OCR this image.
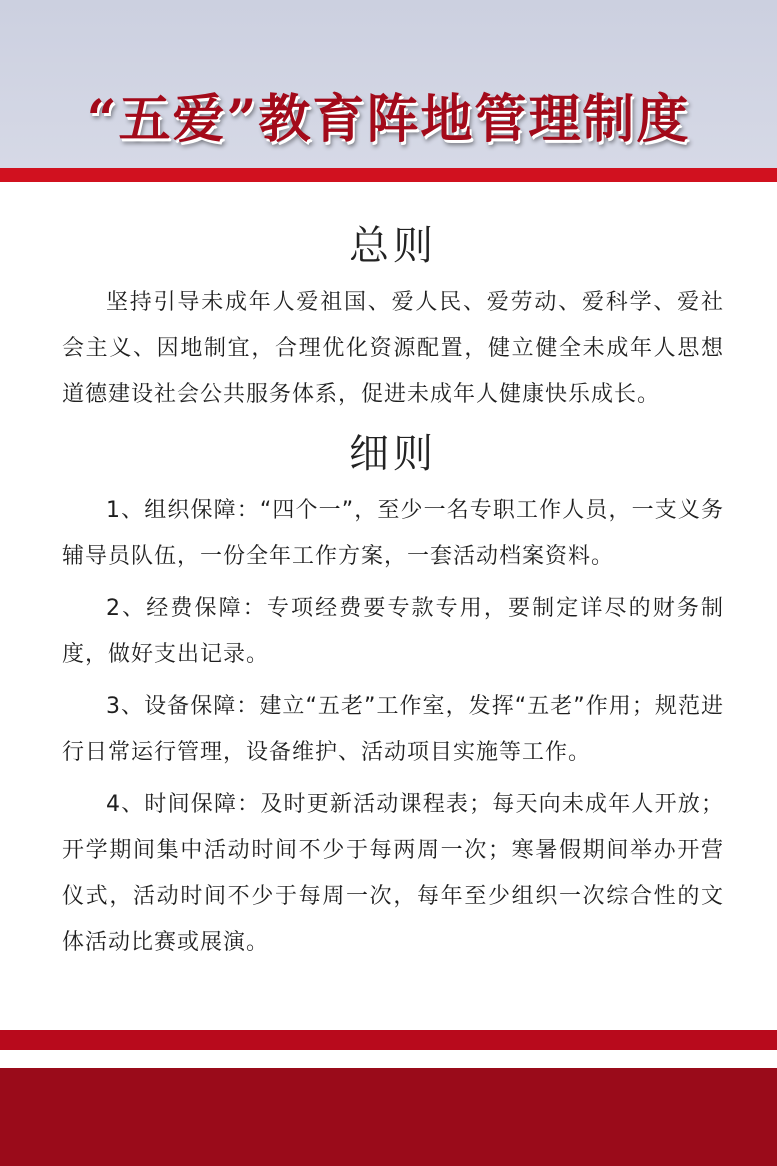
“五爱”教育阵地管理制度
总则

坚持引导未成年人爱祖国、爱人民、爱劳动、爱科学、爱社会主义、因地制宜，合理优化资源配置，健立健全未成年人思想道德建设社会公共服务体系，促进未成年人健康快乐成长。

细则

1、组织保障：“四个一”，至少一名专职工作人员，一支义务辅导员队伍，一份全年工作方案，一套活动档案资料。

2、经费保障：专项经费要专款专用，要制定详尽的财务制度，做好支出记录。

3、设备保障：建立“五老”工作室，发挥“五老”作用；规范进行日常运行管理，设备维护、活动项目实施等工作。

4、时间保障：及时更新活动课程表；每天向未成年人开放；开学期间集中活动时间不少于每两周一次；寒暑假期间举办开营仪式，活动时间不少于每周一次，每年至少组织一次综合性的文体活动比赛或展演。
